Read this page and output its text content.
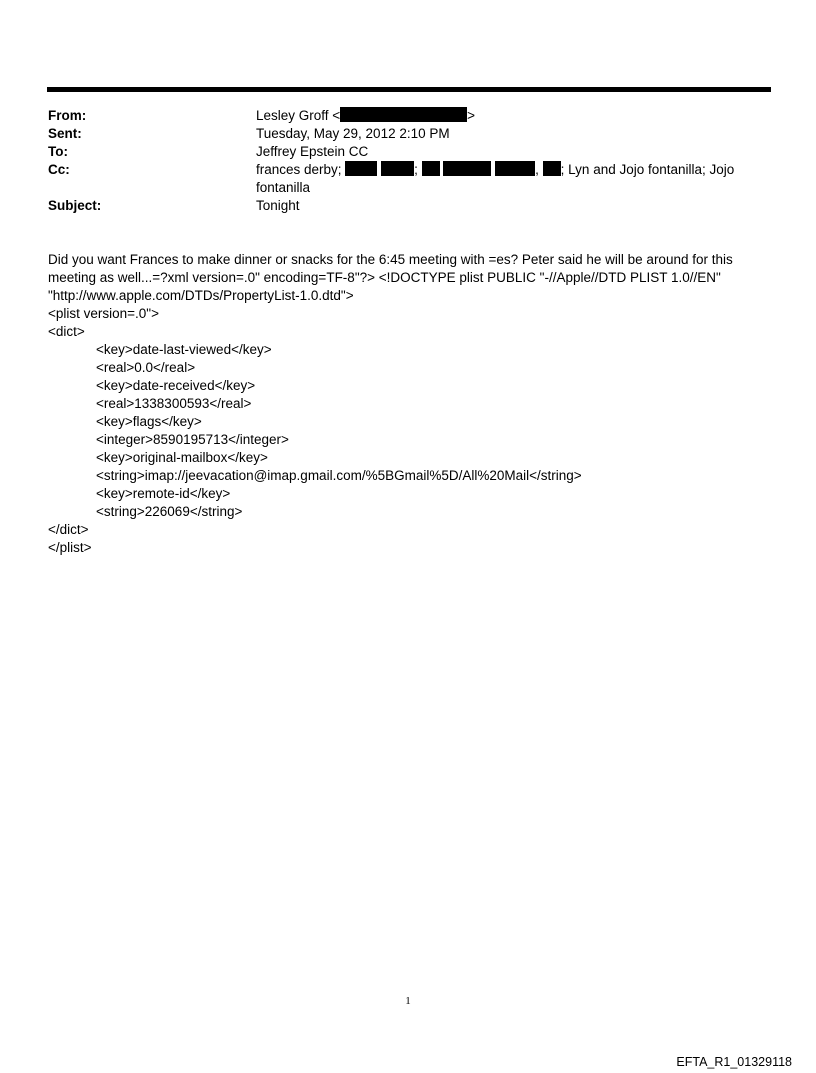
From:	Lesley Groff <	>
Sent:	Tuesday, May 29, 2012 2:10 PM
To:	Jeffrey Epstein CC
Cc:	frances derby;	;	, ; Lyn and Jojo fontanilla; Jojo fontanilla
Subject:	Tonight

Did you want Frances to make dinner or snacks for the 6:45 meeting with =es? Peter said he will be around for this meeting as well...=?xml version=.0" encoding=TF-8"?> <!DOCTYPE plist PUBLIC "-//Apple//DTD PLIST 1.0//EN" "http://www.apple.com/DTDs/PropertyList-1.0.dtd">

<plist version=.0">
<dict>
<key>date-last-viewed</key>
<real>0.0</real>
<key>date-received</key>
<real>1338300593</real>
<key>flags</key>
<integer>8590195713</integer>
<key>original-mailbox</key>
<string>imap://jeevacation@imap.gmail.com/%5BGmail%5D/All%20Mail</string>
<key>remote-id</key>
<string>226069</string>
</dict>
</plist>
1
EFTA_R1_01329118
